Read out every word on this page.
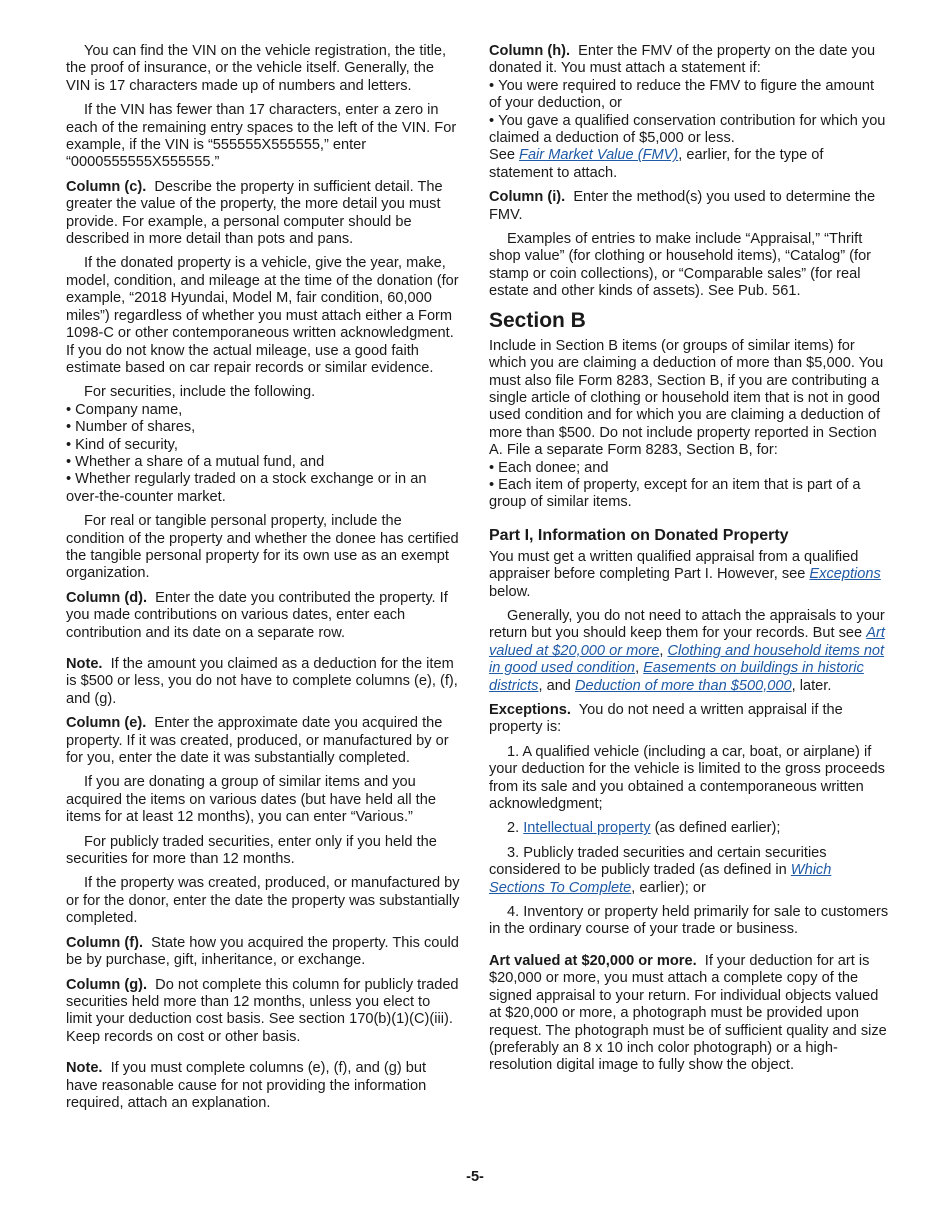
You can find the VIN on the vehicle registration, the title, the proof of insurance, or the vehicle itself. Generally, the VIN is 17 characters made up of numbers and letters.

If the VIN has fewer than 17 characters, enter a zero in each of the remaining entry spaces to the left of the VIN. For example, if the VIN is “555555X555555,” enter “0000555555X555555.”

Column (c). Describe the property in sufficient detail. The greater the value of the property, the more detail you must provide. For example, a personal computer should be described in more detail than pots and pans.

If the donated property is a vehicle, give the year, make, model, condition, and mileage at the time of the donation (for example, “2018 Hyundai, Model M, fair condition, 60,000 miles”) regardless of whether you must attach either a Form 1098-C or other contemporaneous written acknowledgment. If you do not know the actual mileage, use a good faith estimate based on car repair records or similar evidence.

For securities, include the following.

• Company name,

• Number of shares,

• Kind of security,

• Whether a share of a mutual fund, and

• Whether regularly traded on a stock exchange or in an over-the-counter market.

For real or tangible personal property, include the condition of the property and whether the donee has certified the tangible personal property for its own use as an exempt organization.

Column (d). Enter the date you contributed the property. If you made contributions on various dates, enter each contribution and its date on a separate row.

Note. If the amount you claimed as a deduction for the item is $500 or less, you do not have to complete columns (e), (f), and (g).

Column (e). Enter the approximate date you acquired the property. If it was created, produced, or manufactured by or for you, enter the date it was substantially completed.

If you are donating a group of similar items and you acquired the items on various dates (but have held all the items for at least 12 months), you can enter “Various.”

For publicly traded securities, enter only if you held the securities for more than 12 months.

If the property was created, produced, or manufactured by or for the donor, enter the date the property was substantially completed.

Column (f). State how you acquired the property. This could be by purchase, gift, inheritance, or exchange.

Column (g). Do not complete this column for publicly traded securities held more than 12 months, unless you elect to limit your deduction cost basis. See section 170(b)(1)(C)(iii). Keep records on cost or other basis.

Note. If you must complete columns (e), (f), and (g) but have reasonable cause for not providing the information required, attach an explanation.

Column (h). Enter the FMV of the property on the date you donated it. You must attach a statement if:

• You were required to reduce the FMV to figure the amount of your deduction, or

• You gave a qualified conservation contribution for which you claimed a deduction of $5,000 or less.

See Fair Market Value (FMV), earlier, for the type of statement to attach.

Column (i). Enter the method(s) you used to determine the FMV.

Examples of entries to make include “Appraisal,” “Thrift shop value” (for clothing or household items), “Catalog” (for stamp or coin collections), or “Comparable sales” (for real estate and other kinds of assets). See Pub. 561.

Section B

Include in Section B items (or groups of similar items) for which you are claiming a deduction of more than $5,000. You must also file Form 8283, Section B, if you are contributing a single article of clothing or household item that is not in good used condition and for which you are claiming a deduction of more than $500. Do not include property reported in Section A. File a separate Form 8283, Section B, for:

• Each donee; and

• Each item of property, except for an item that is part of a group of similar items.

Part I, Information on Donated Property

You must get a written qualified appraisal from a qualified appraiser before completing Part I. However, see Exceptions below.

Generally, you do not need to attach the appraisals to your return but you should keep them for your records. But see Art valued at $20,000 or more, Clothing and household items not in good used condition, Easements on buildings in historic districts, and Deduction of more than $500,000, later.

Exceptions. You do not need a written appraisal if the property is:

1. A qualified vehicle (including a car, boat, or airplane) if your deduction for the vehicle is limited to the gross proceeds from its sale and you obtained a contemporaneous written acknowledgment;

2. Intellectual property (as defined earlier);

3. Publicly traded securities and certain securities considered to be publicly traded (as defined in Which Sections To Complete, earlier); or

4. Inventory or property held primarily for sale to customers in the ordinary course of your trade or business.

Art valued at $20,000 or more. If your deduction for art is $20,000 or more, you must attach a complete copy of the signed appraisal to your return. For individual objects valued at $20,000 or more, a photograph must be provided upon request. The photograph must be of sufficient quality and size (preferably an 8 x 10 inch color photograph) or a high-resolution digital image to fully show the object.

-5-
